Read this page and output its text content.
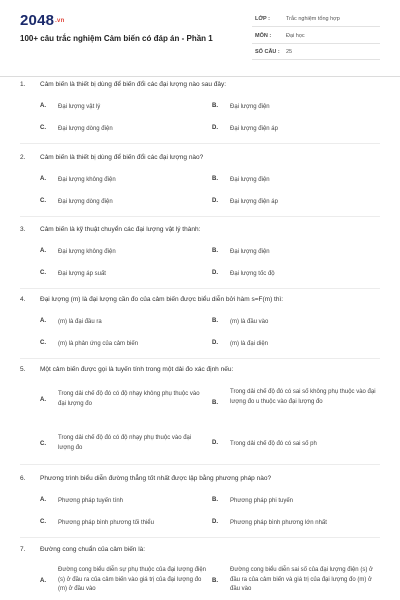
2048.vn
100+ câu trắc nghiệm Cảm biến có đáp án - Phần 1
LỚP :	Trắc nghiệm tổng hợp
MÔN :	Đại học
SỐ CÂU : 25
1. Cảm biến là thiết bị dùng để biến đổi các đại lượng nào sau đây:
A. Đại lượng vật lý	B. Đại lượng điện
C. Đại lượng dòng điện	D. Đại lượng điện áp
2. Cảm biến là thiết bị dùng để biến đổi các đại lượng nào?
A. Đại lượng không điện	B. Đại lượng điện
C. Đại lượng dòng điện	D. Đại lượng điện áp
3. Cảm biến là kỹ thuật chuyển các đại lượng vật lý thành:
A. Đại lượng không điện	B. Đại lượng điện
C. Đại lượng áp suất	D. Đại lượng tốc độ
4. Đại lượng (m) là đại lượng cần đo của cảm biến được biểu diễn bởi hàm s=F(m) thì:
A. (m) là đại đầu ra	B. (m) là đầu vào
C. (m) là phản ứng của cảm biến	D. (m) là đại diện
5. Một cảm biến được gọi là tuyến tính trong một dải đo xác định nếu:
A.
Trong dải chế độ đó có độ nhạy không phụ thuộc vào đại lượng đo	B.
Trong dải chế độ đó có sai số không phụ thuộc vào đại lượng đo u thuộc vào đại lượng đo
C.
Trong dải chế độ đó có độ nhạy phụ thuộc vào đại lượng đo
D. Trong dải chế độ đó có sai số ph
6. Phương trình biểu diễn đường thẳng tốt nhất được lập bằng phương pháp nào?
A. Phương pháp tuyến tính	B. Phương pháp phi tuyến
C. Phương pháp bình phương tối thiểu	D. Phương pháp bình phương lớn nhất
7. Đường cong chuẩn của cảm biến là:
A.
Đường cong biểu diễn sự phụ thuộc của đại lượng điện (s) ở đầu ra của cảm biến vào giá trị của đại lượng đo (m) ở đầu vào
B.
Đường cong biểu diễn sai số của đại lượng điện (s) ở đầu ra của cảm biến và giá trị của đại lượng đo (m) ở đầu vào
